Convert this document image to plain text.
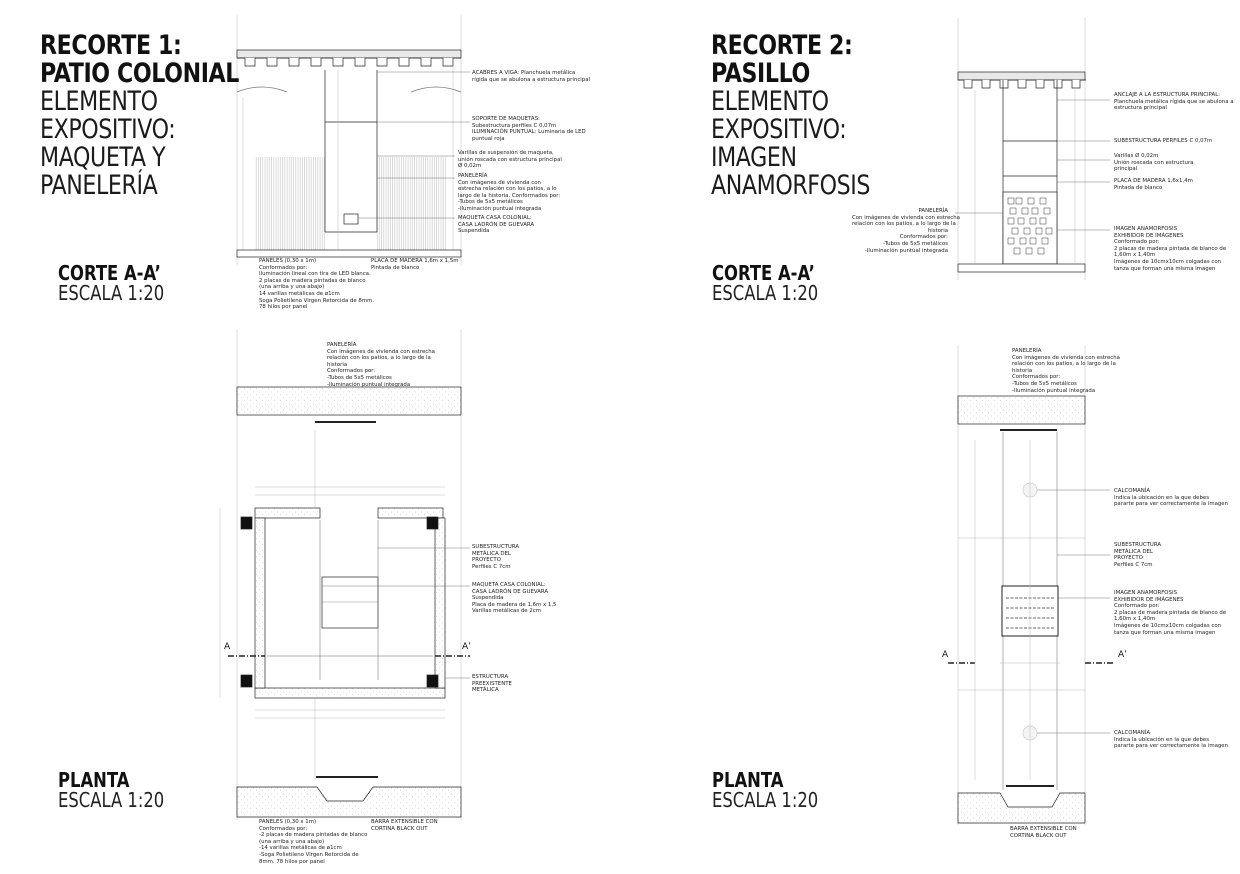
RECORTE 1:
PATIO COLONIAL
ELEMENTO
EXPOSITIVO:
MAQUETA Y
PANELERÍA
CORTE A-A’
ESCALA 1:20
PLANTA
ESCALA 1:20
RECORTE 2:
PASILLO
ELEMENTO
EXPOSITIVO:
IMAGEN
ANAMORFOSIS
CORTE A-A’
ESCALA 1:20
PLANTA
ESCALA 1:20
ACABRES A VIGA: Planchuela metálica
rígida que se abulona a estructura principal
SOPORTE DE MAQUETAS:
Subestructura perfiles C 0,07m
ILUMINACIÓN PUNTUAL: Luminaria de LED
puntual roja
Varillas de suspensión de maqueta,
unión roscada con estructura principal
Ø 0,02m
PANELERÍA
Con imágenes de vivienda con
estrecha relación con los patios, a lo
largo de la historia. Conformados por:
-Tubos de 5x5 metálicos
-Iluminación puntual integrada
MAQUETA CASA COLONIAL:
CASA LADRÓN DE GUEVARA
Suspendida
PANELES (0,30 x 1m)
Conformados por:
Iluminación lineal con tira de LED blanca.
2 placas de madera pintadas de blanco
(una arriba y una abajo)
14 varillas metálicas de ø1cm
Soga Polietileno Virgen Retorcida de 8mm.
78 hilos por panel
PLACA DE MADERA 1,6m x 1,5m
Pintada de blanco
PANELERÍA
Con imágenes de vivienda con estrecha
relación con los patios, a lo largo de la
historia
Conformados por:
-Tubos de 5x5 metálicos
-Iluminación puntual integrada
SUBESTRUCTURA
METÁLICA DEL
PROYECTO
Perfiles C 7cm
MAQUETA CASA COLONIAL:
CASA LADRÓN DE GUEVARA
Suspendida
Placa de madera de 1,6m x 1,5
Varillas metálicas de 2cm
ESTRUCTURA
PREEXISTENTE
METÁLICA
PANELES (0,30 x 1m)
Conformados por:
-2 placas de madera pintadas de blanco
(una arriba y una abajo)
-14 varillas metálicas de ø1cm
-Soga Polietileno Virgen Retorcida de
8mm. 78 hilos por panel
BARRA EXTENSIBLE CON
CORTINA BLACK OUT
ANCLAJE A LA ESTRUCTURA PRINCIPAL:
Planchuela metálica rígida que se abulona a
estructura principal
SUBESTRUCTURA PERFILES C 0,07m
Varillas Ø 0,02m
Unión roscada con estructura
principal
PLACA DE MADERA 1,6x1,4m
Pintada de blanco
PANELERÍA
Con imágenes de vivienda con estrecha
relación con los patios, a lo largo de la
historia
Conformados por:
-Tubos de 5x5 metálicos
-Iluminación puntual integrada
IMAGEN ANAMORFOSIS
EXHIBIDOR DE IMÁGENES
Conformado por:
2 placas de madera pintada de blanco de
1,60m x 1,40m
Imágenes de 10cmx10cm colgadas con
tanza que forman una misma imagen
PANELERÍA
Con imágenes de vivienda con estrecha
relación con los patios, a lo largo de la
historia
Conformados por:
-Tubos de 5x5 metálicos
-Iluminación puntual integrada
CALCOMANÍA
Indica la ubicación en la que debes
pararte para ver correctamente la imagen
SUBESTRUCTURA
METÁLICA DEL
PROYECTO
Perfiles C 7cm
IMAGEN ANAMORFOSIS
EXHIBIDOR DE IMÁGENES
Conformado por:
2 placas de madera pintada de blanco de
1,60m x 1,40m
Imágenes de 10cmx10cm colgadas con
tanza que forman una misma imagen
CALCOMANÍA
Indica la ubicación en la que debes
pararte para ver correctamente la imagen
BARRA EXTENSIBLE CON
CORTINA BLACK OUT
A	A’
A	A’
